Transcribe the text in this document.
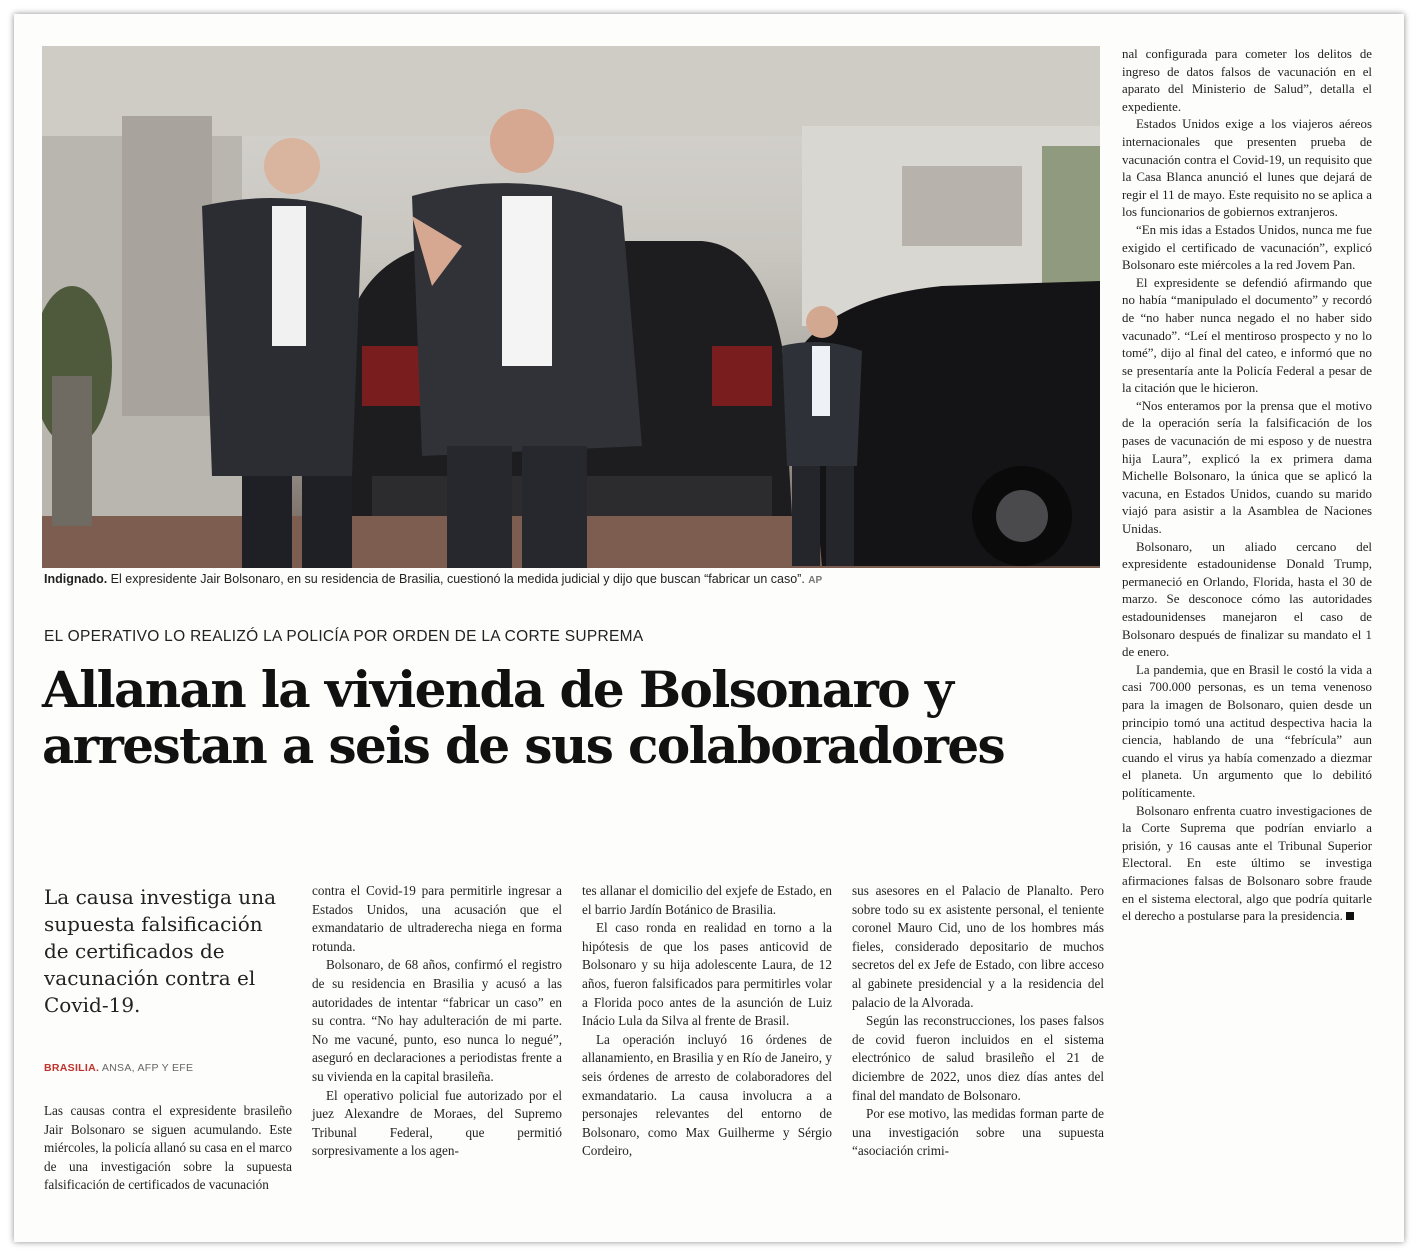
Indignado. El expresidente Jair Bolsonaro, en su residencia de Brasilia, cuestionó la medida judicial y dijo que buscan “fabricar un caso”. AP
EL OPERATIVO LO REALIZÓ LA POLICÍA POR ORDEN DE LA CORTE SUPREMA
Allanan la vivienda de Bolsonaro y arrestan a seis de sus colaboradores
La causa investiga una supuesta falsificación de certificados de vacunación contra el Covid-19.
BRASILIA. ANSA, AFP Y EFE

Las causas contra el expresidente brasileño Jair Bolsonaro se siguen acumulando. Este miércoles, la policía allanó su casa en el marco de una investigación sobre la supuesta falsificación de certificados de vacunación

contra el Covid-19 para permitirle ingresar a Estados Unidos, una acusación que el exmandatario de ultraderecha niega en forma rotunda.

Bolsonaro, de 68 años, confirmó el registro de su residencia en Brasilia y acusó a las autoridades de intentar “fabricar un caso” en su contra. “No hay adulteración de mi parte. No me vacuné, punto, eso nunca lo negué”, aseguró en declaraciones a periodistas frente a su vivienda en la capital brasileña.

El operativo policial fue autorizado por el juez Alexandre de Moraes, del Supremo Tribunal Federal, que permitió sorpresivamente a los agen-

tes allanar el domicilio del exjefe de Estado, en el barrio Jardín Botánico de Brasilia.

El caso ronda en realidad en torno a la hipótesis de que los pases anticovid de Bolsonaro y su hija adolescente Laura, de 12 años, fueron falsificados para permitirles volar a Florida poco antes de la asunción de Luiz Inácio Lula da Silva al frente de Brasil.

La operación incluyó 16 órdenes de allanamiento, en Brasilia y en Río de Janeiro, y seis órdenes de arresto de colaboradores del exmandatario. La causa involucra a a personajes relevantes del entorno de Bolsonaro, como Max Guilherme y Sérgio Cordeiro,

sus asesores en el Palacio de Planalto. Pero sobre todo su ex asistente personal, el teniente coronel Mauro Cid, uno de los hombres más fieles, considerado depositario de muchos secretos del ex Jefe de Estado, con libre acceso al gabinete presidencial y a la residencia del palacio de la Alvorada.

Según las reconstrucciones, los pases falsos de covid fueron incluidos en el sistema electrónico de salud brasileño el 21 de diciembre de 2022, unos diez días antes del final del mandato de Bolsonaro.

Por ese motivo, las medidas forman parte de una investigación sobre una supuesta “asociación crimi-

nal configurada para cometer los delitos de ingreso de datos falsos de vacunación en el aparato del Ministerio de Salud”, detalla el expediente.

Estados Unidos exige a los viajeros aéreos internacionales que presenten prueba de vacunación contra el Covid-19, un requisito que la Casa Blanca anunció el lunes que dejará de regir el 11 de mayo. Este requisito no se aplica a los funcionarios de gobiernos extranjeros.

“En mis idas a Estados Unidos, nunca me fue exigido el certificado de vacunación”, explicó Bolsonaro este miércoles a la red Jovem Pan.

El expresidente se defendió afirmando que no había “manipulado el documento” y recordó de “no haber nunca negado el no haber sido vacunado”. “Leí el mentiroso prospecto y no lo tomé”, dijo al final del cateo, e informó que no se presentaría ante la Policía Federal a pesar de la citación que le hicieron.

“Nos enteramos por la prensa que el motivo de la operación sería la falsificación de los pases de vacunación de mi esposo y de nuestra hija Laura”, explicó la ex primera dama Michelle Bolsonaro, la única que se aplicó la vacuna, en Estados Unidos, cuando su marido viajó para asistir a la Asamblea de Naciones Unidas.

Bolsonaro, un aliado cercano del expresidente estadounidense Donald Trump, permaneció en Orlando, Florida, hasta el 30 de marzo. Se desconoce cómo las autoridades estadounidenses manejaron el caso de Bolsonaro después de finalizar su mandato el 1 de enero.

La pandemia, que en Brasil le costó la vida a casi 700.000 personas, es un tema venenoso para la imagen de Bolsonaro, quien desde un principio tomó una actitud despectiva hacia la ciencia, hablando de una “febrícula” aun cuando el virus ya había comenzado a diezmar el planeta. Un argumento que lo debilitó políticamente.

Bolsonaro enfrenta cuatro investigaciones de la Corte Suprema que podrían enviarlo a prisión, y 16 causas ante el Tribunal Superior Electoral. En este último se investiga afirmaciones falsas de Bolsonaro sobre fraude en el sistema electoral, algo que podría quitarle el derecho a postularse para la presidencia.
